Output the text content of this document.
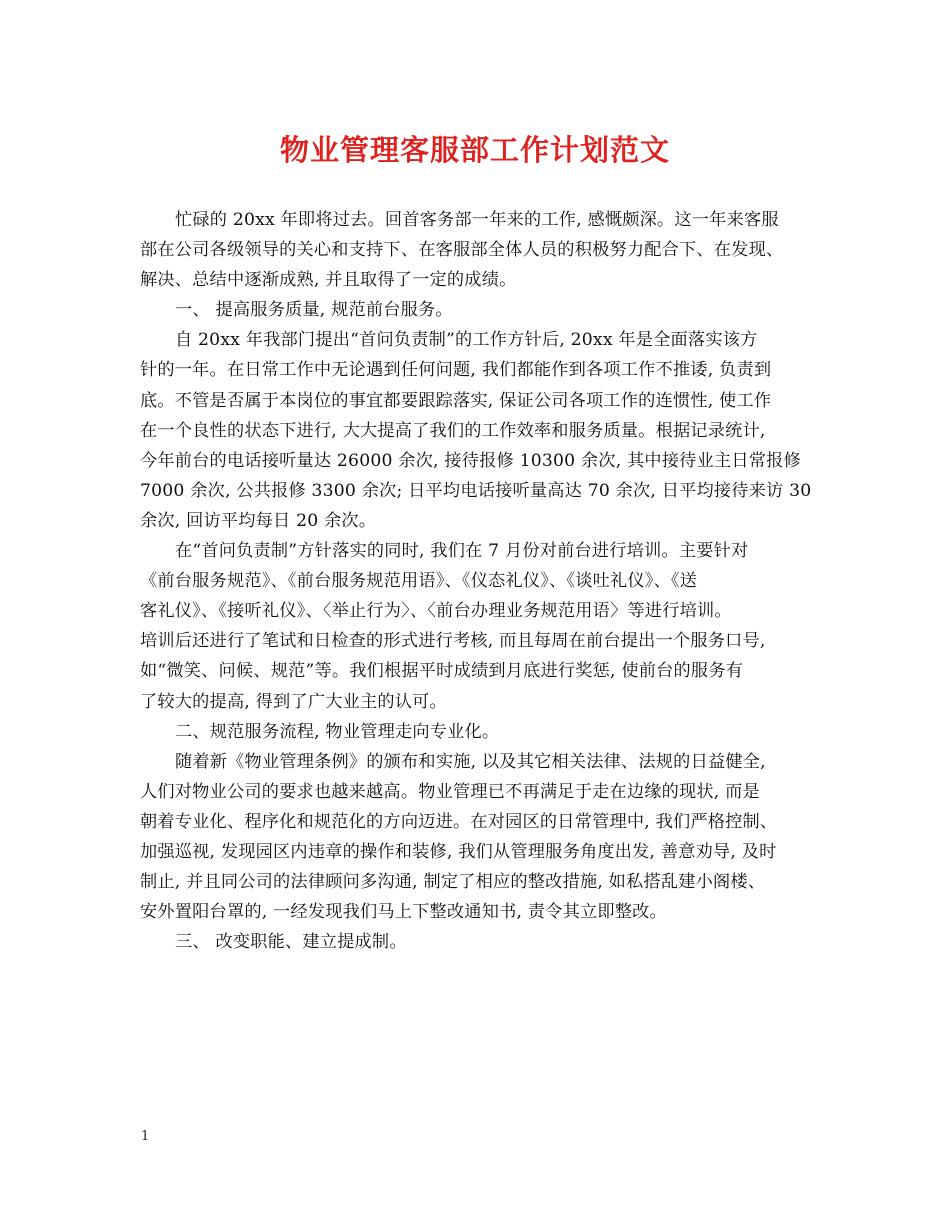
物业管理客服部工作计划范文
忙碌的 20xx 年即将过去。回首客务部一年来的工作, 感慨颇深。这一年来客服
部在公司各级领导的关心和支持下、在客服部全体人员的积极努力配合下、在发现、
解决、总结中逐渐成熟, 并且取得了一定的成绩。
一、 提高服务质量, 规范前台服务。
自 20xx 年我部门提出“首问负责制”的工作方针后, 20xx 年是全面落实该方
针的一年。在日常工作中无论遇到任何问题, 我们都能作到各项工作不推诿, 负责到
底。不管是否属于本岗位的事宜都要跟踪落实, 保证公司各项工作的连惯性, 使工作
在一个良性的状态下进行, 大大提高了我们的工作效率和服务质量。根据记录统计,
今年前台的电话接听量达 26000 余次, 接待报修 10300 余次, 其中接待业主日常报修
7000 余次, 公共报修 3300 余次; 日平均电话接听量高达 70 余次, 日平均接待来访 30
余次, 回访平均每日 20 余次。
在“首问负责制”方针落实的同时, 我们在 7 月份对前台进行培训。主要针对
《前台服务规范》、《前台服务规范用语》、《仪态礼仪》、《谈吐礼仪》、《送
客礼仪》、《接听礼仪》、〈举止行为〉、〈前台办理业务规范用语〉等进行培训。
培训后还进行了笔试和日检查的形式进行考核, 而且每周在前台提出一个服务口号,
如“微笑、问候、规范”等。我们根据平时成绩到月底进行奖惩, 使前台的服务有
了较大的提高, 得到了广大业主的认可。
二、规范服务流程, 物业管理走向专业化。
随着新《物业管理条例》的颁布和实施, 以及其它相关法律、法规的日益健全,
人们对物业公司的要求也越来越高。物业管理已不再满足于走在边缘的现状, 而是
朝着专业化、程序化和规范化的方向迈进。在对园区的日常管理中, 我们严格控制、
加强巡视, 发现园区内违章的操作和装修, 我们从管理服务角度出发, 善意劝导, 及时
制止, 并且同公司的法律顾问多沟通, 制定了相应的整改措施, 如私搭乱建小阁楼、
安外置阳台罩的, 一经发现我们马上下整改通知书, 责令其立即整改。
三、 改变职能、建立提成制。
1
